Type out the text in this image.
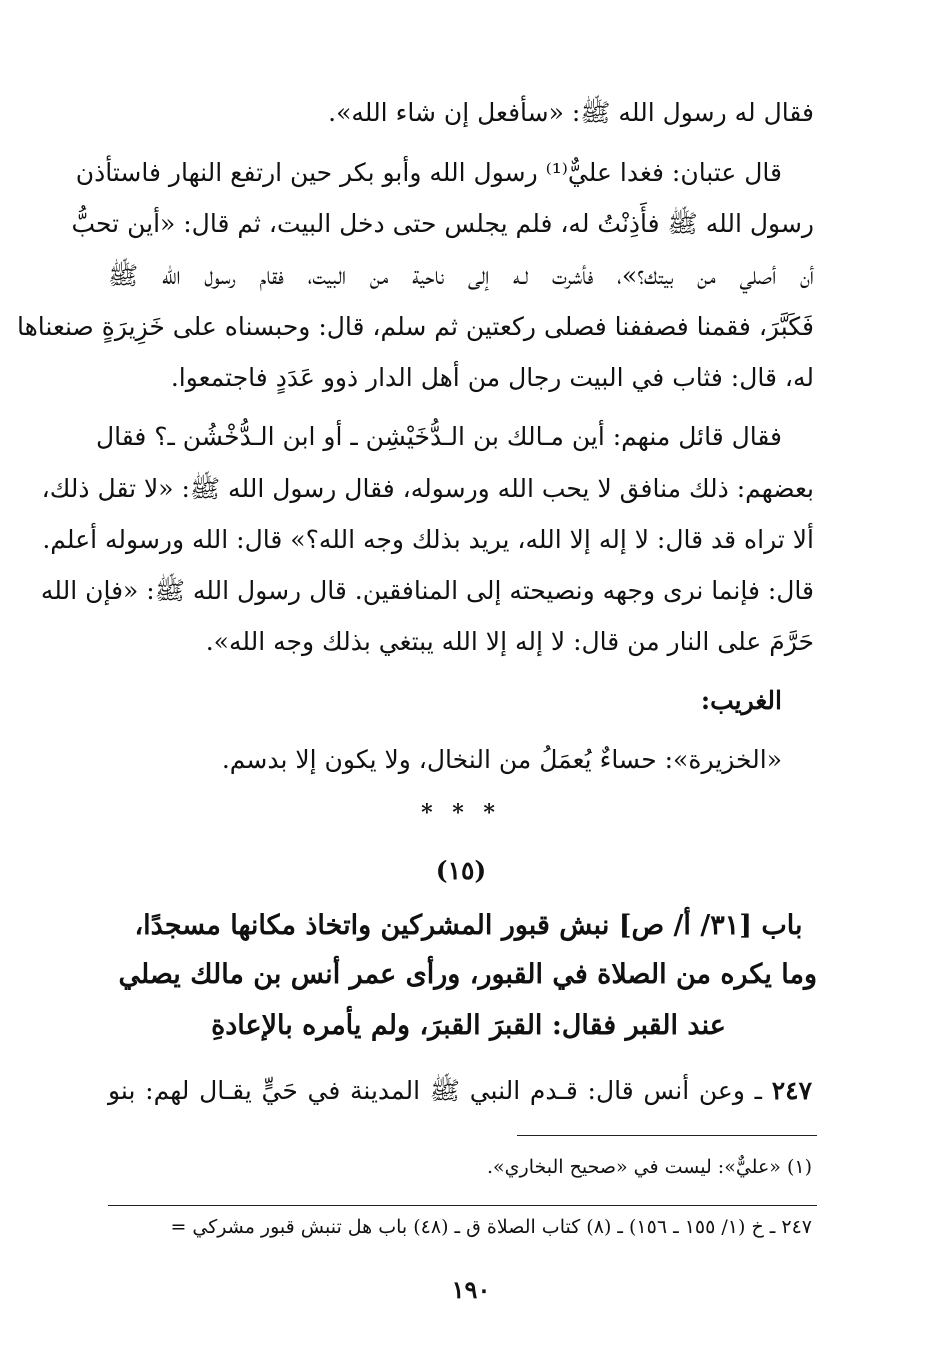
فقال له رسول الله ﷺ: «سأفعل إن شاء الله».
قال عتبان: فغدا عليٌّ⁽¹⁾ رسول الله وأبو بكر حين ارتفع النهار فاستأذن
رسول الله ﷺ فأَذِنْتُ له، فلم يجلس حتى دخل البيت، ثم قال: «أين تحبُّ
أن أصلي من بيتك؟»، فأشرت لـه إلى ناحية من البيت، فقام رسول الله ﷺ
فَكَبَّرَ، فقمنا فصففنا فصلى ركعتين ثم سلم، قال: وحبسناه على خَزِيرَةٍ صنعناها
له، قال: فثاب في البيت رجال من أهل الدار ذوو عَدَدٍ فاجتمعوا.
فقال قائل منهم: أين مـالك بن الـدُّخَيْشِن ـ أو ابن الـدُّخْشُن ـ؟ فقال
بعضهم: ذلك منافق لا يحب الله ورسوله، فقال رسول الله ﷺ: «لا تقل ذلك،
ألا تراه قد قال: لا إله إلا الله، يريد بذلك وجه الله؟» قال: الله ورسوله أعلم.
قال: فإنما نرى وجهه ونصيحته إلى المنافقين. قال رسول الله ﷺ: «فإن الله
حَرَّمَ على النار من قال: لا إله إلا الله يبتغي بذلك وجه الله».
الغريب:
«الخزيرة»: حساءٌ يُعمَلُ من النخال، ولا يكون إلا بدسم.
* * *
(١٥)
باب [٣١/ أ/ ص] نبش قبور المشركين واتخاذ مكانها مسجدًا،
وما يكره من الصلاة في القبور، ورأى عمر أنس بن مالك يصلي
عند القبر فقال: القبرَ القبرَ، ولم يأمره بالإعادةِ
٢٤٧ ـ وعن أنس قال: قـدم النبي ﷺ المدينة في حَيٍّ يقـال لهم: بنو
(١) «عليٌّ»: ليست في «صحيح البخاري».
٢٤٧ ـ خ (١/ ١٥٥ ـ ١٥٦) ـ (٨) كتاب الصلاة ق ـ (٤٨) باب هل تنبش قبور مشركي =
١٩٠
